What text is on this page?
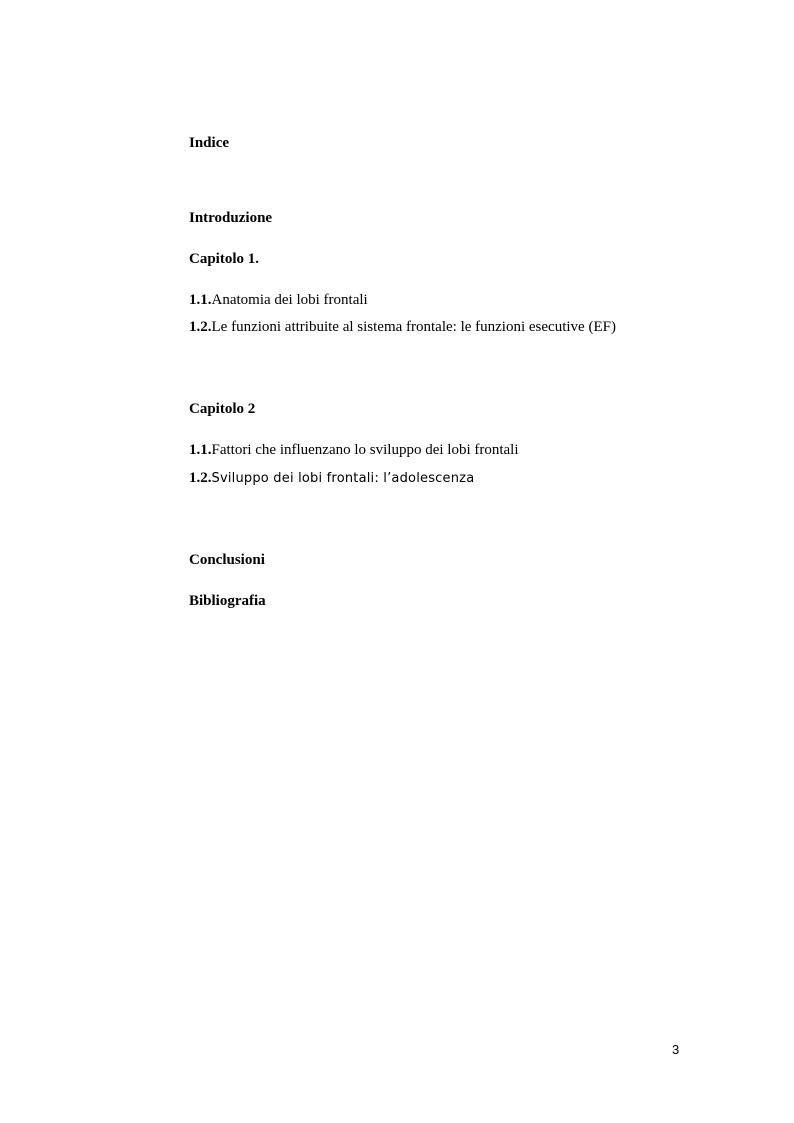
Indice
Introduzione
Capitolo 1.
1.1.Anatomia dei lobi frontali
1.2.Le funzioni attribuite al sistema frontale: le funzioni esecutive (EF)
Capitolo 2
1.1.Fattori che influenzano lo sviluppo dei lobi frontali
1.2.Sviluppo dei lobi frontali: l’adolescenza
Conclusioni
Bibliografia
3
